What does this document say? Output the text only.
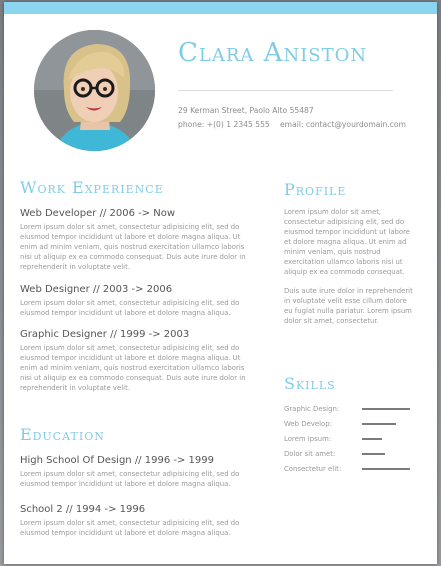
Clara Aniston
29 Kerman Street, Paolo Alto 55487
phone: +(0) 1 2345 555 email: contact@yourdomain.com
Work Experience
Web Developer // 2006 -> Now
Lorem ipsum dolor sit amet, consectetur adipisicing elit, sed do eiusmod tempor incididunt ut labore et dolore magna aliqua. Ut enim ad minim veniam, quis nostrud exercitation ullamco laboris nisi ut aliquip ex ea commodo consequat. Duis aute irure dolor in reprehenderit in voluptate velit.
Web Designer // 2003 -> 2006
Lorem ipsum dolor sit amet, consectetur adipisicing elit, sed do eiusmod tempor incididunt ut labore et dolore magna aliqua.
Graphic Designer // 1999 -> 2003
Lorem ipsum dolor sit amet, consectetur adipisicing elit, sed do eiusmod tempor incididunt ut labore et dolore magna aliqua. Ut enim ad minim veniam, quis nostrud exercitation ullamco laboris nisi ut aliquip ex ea commodo consequat. Duis aute irure dolor in reprehenderit in voluptate velit.
Education
High School Of Design // 1996 -> 1999
Lorem ipsum dolor sit amet, consectetur adipisicing elit, sed do eiusmod tempor incididunt ut labore et dolore magna aliqua.
School 2 // 1994 -> 1996
Lorem ipsum dolor sit amet, consectetur adipisicing elit, sed do eiusmod tempor incididunt ut labore et dolore magna aliqua.
Profile
Lorem ipsum dolor sit amet, consectetur adipisicing elit, sed do eiusmod tempor incididunt ut labore et dolore magna aliqua. Ut enim ad minim veniam, quis nostrud exercitation ullamco laboris nisi ut aliquip ex ea commodo consequat.
Duis aute irure dolor in reprehenderit in voluptate velit esse cillum dolore eu fugiat nulla pariatur. Lorem ipsum dolor sit amet, consectetur.
Skills
Graphic Design:
Web Develop:
Lorem Ipsum:
Dolor sit amet:
Consectetur elit:
